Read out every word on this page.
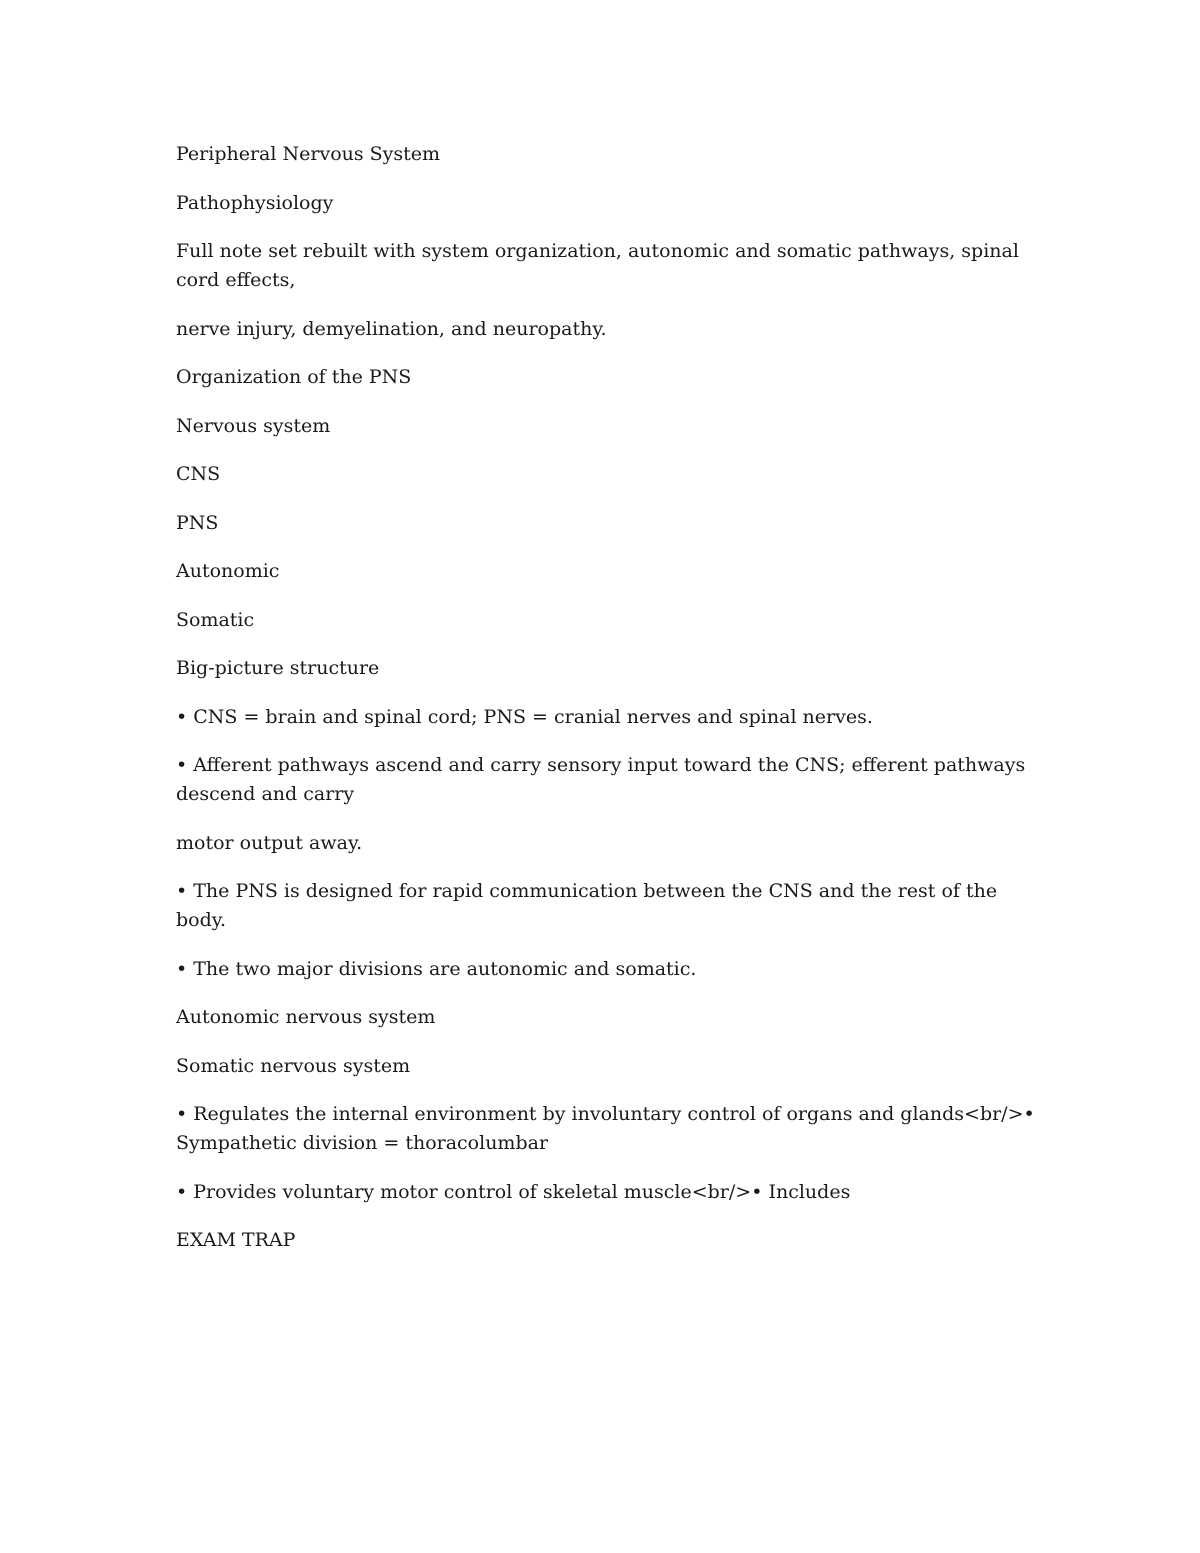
Peripheral Nervous System

Pathophysiology

Full note set rebuilt with system organization, autonomic and somatic pathways, spinal cord effects,

nerve injury, demyelination, and neuropathy.

Organization of the PNS

Nervous system

CNS

PNS

Autonomic

Somatic

Big-picture structure

• CNS = brain and spinal cord; PNS = cranial nerves and spinal nerves.

• Afferent pathways ascend and carry sensory input toward the CNS; efferent pathways descend and carry

motor output away.

• The PNS is designed for rapid communication between the CNS and the rest of the body.

• The two major divisions are autonomic and somatic.

Autonomic nervous system

Somatic nervous system

• Regulates the internal environment by involuntary control of organs and glands<br/>• Sympathetic division = thoracolumbar

• Provides voluntary motor control of skeletal muscle<br/>• Includes

EXAM TRAP
